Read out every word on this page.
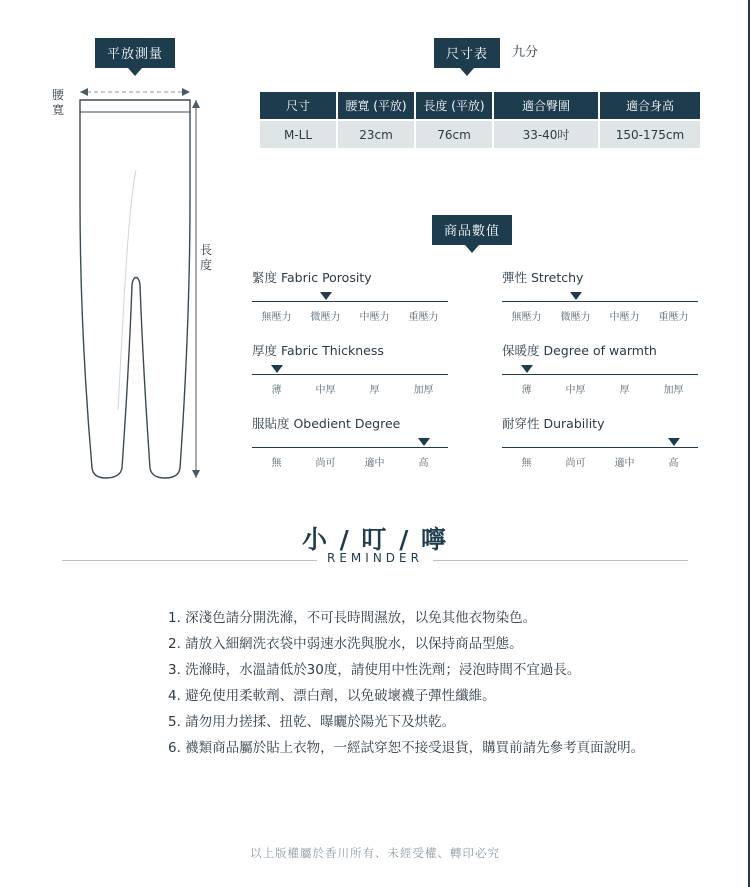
平放測量	尺寸表	九分
商品數值
腰寬
長度
尺寸	腰寬 (平放)	長度 (平放)	適合臀圍	適合身高
M-LL	23cm	76cm	33-40吋	150-175cm
緊度 Fabric Porosity
無壓力	微壓力	中壓力	重壓力
彈性 Stretchy
無壓力	微壓力	中壓力	重壓力
厚度 Fabric Thickness
薄	中厚	厚	加厚
保暖度 Degree of warmth
薄	中厚	厚	加厚
服貼度 Obedient Degree
無	尚可	適中	高
耐穿性 Durability
無	尚可	適中	高
小 / 叮 / 嚀
REMINDER
1. 深淺色請分開洗滌，不可長時間濕放，以免其他衣物染色。
2. 請放入細網洗衣袋中弱速水洗與脫水，以保持商品型態。
3. 洗滌時，水溫請低於30度，請使用中性洗劑；浸泡時間不宜過長。
4. 避免使用柔軟劑、漂白劑，以免破壞襪子彈性纖維。
5. 請勿用力搓揉、扭乾、曝曬於陽光下及烘乾。
6. 襪類商品屬於貼上衣物，一經試穿恕不接受退貨，購買前請先參考頁面說明。
以上版權屬於香川所有、未經受權、轉印必究
